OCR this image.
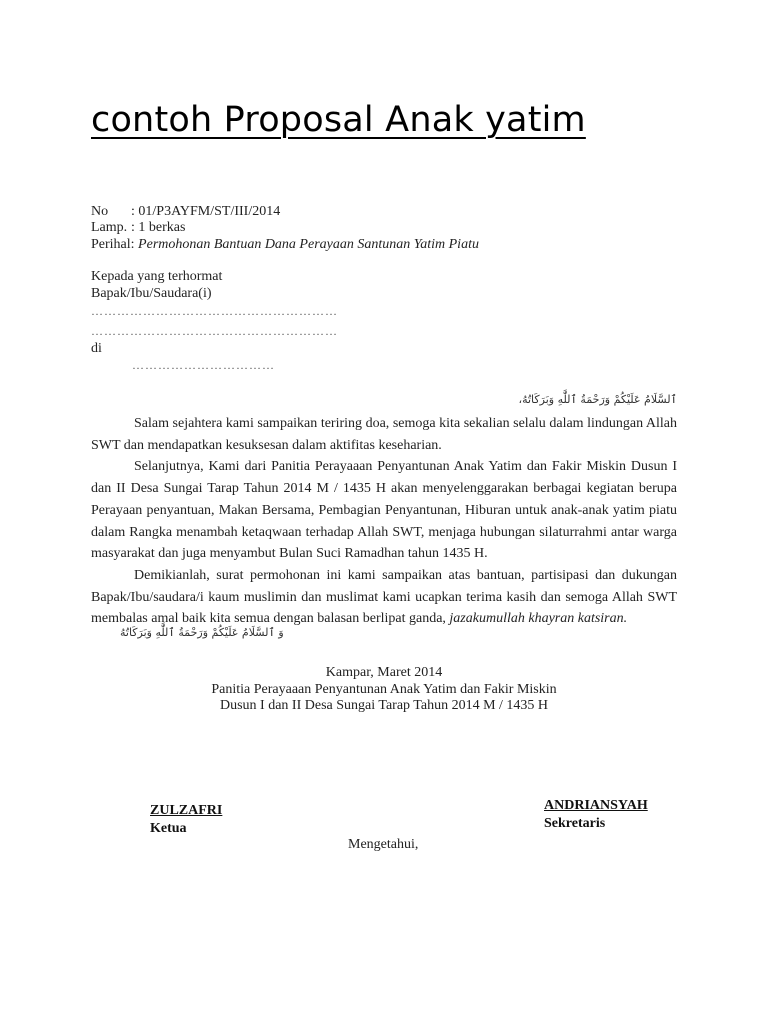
contoh Proposal Anak yatim
No : 01/P3AYFM/ST/III/2014
Lamp. : 1 berkas
Perihal: Permohonan Bantuan Dana Perayaan Santunan Yatim Piatu
Kepada yang terhormat
Bapak/Ibu/Saudara(i)
…………………………………………………
…………………………………………………
di
……………………………
ٱلسَّلَامُ عَلَيْكُمْ وَرَحْمَةُ ٱللَّٰهِ وَبَرَكَاتُهُ،

Salam sejahtera kami sampaikan teriring doa, semoga kita sekalian selalu dalam lindungan Allah SWT dan mendapatkan kesuksesan dalam aktifitas keseharian.

Selanjutnya, Kami dari Panitia Perayaaan Penyantunan Anak Yatim dan Fakir Miskin Dusun I dan II Desa Sungai Tarap Tahun 2014 M / 1435 H akan menyelenggarakan berbagai kegiatan berupa Perayaan penyantuan, Makan Bersama, Pembagian Penyantunan, Hiburan untuk anak-anak yatim piatu dalam Rangka menambah ketaqwaan terhadap Allah SWT, menjaga hubungan silaturrahmi antar warga masyarakat dan juga menyambut Bulan Suci Ramadhan tahun 1435 H.

Demikianlah, surat permohonan ini kami sampaikan atas bantuan, partisipasi dan dukungan Bapak/Ibu/saudara/i kaum muslimin dan muslimat kami ucapkan terima kasih dan semoga Allah SWT membalas amal baik kita semua dengan balasan berlipat ganda, jazakumullah khayran katsiran.

وَ ٱلسَّلَامُ عَلَيْكُمْ وَرَحْمَةُ ٱللَّٰهِ وَبَرَكَاتُهُ
Kampar, Maret 2014
Panitia Perayaaan Penyantunan Anak Yatim dan Fakir Miskin
Dusun I dan II Desa Sungai Tarap Tahun 2014 M / 1435 H
ZULZAFRI
Ketua
ANDRIANSYAH
Sekretaris
Mengetahui,
